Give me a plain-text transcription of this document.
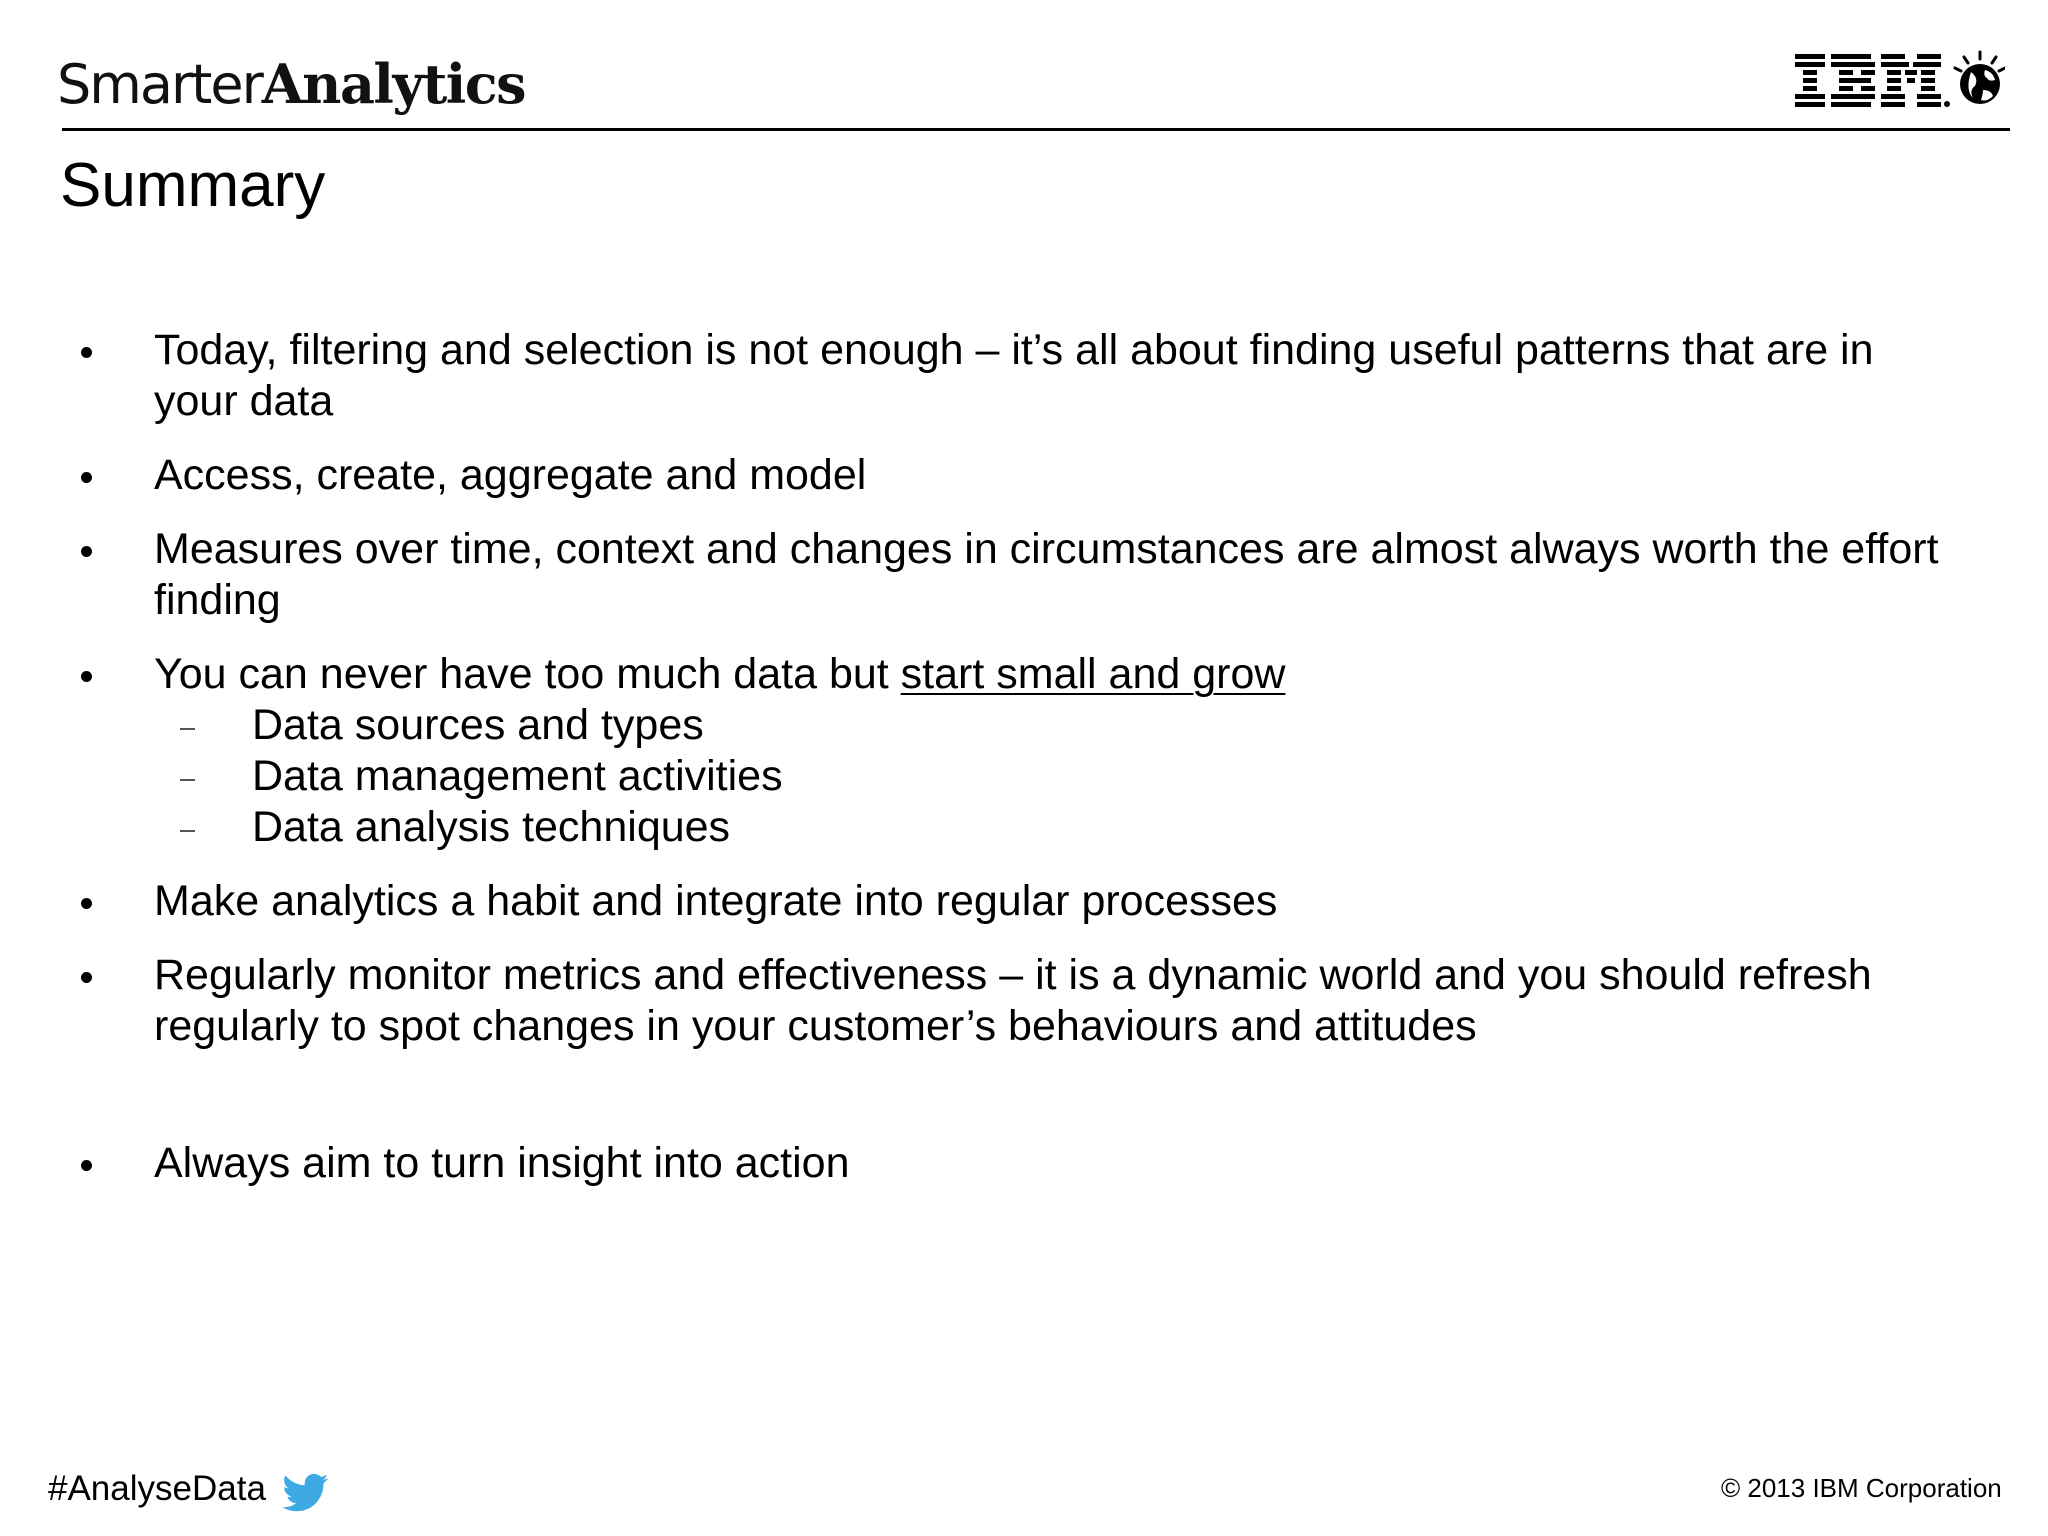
SmarterAnalytics
Summary
Today, filtering and selection is not enough – it’s all about finding useful patterns that are in your data
Access, create, aggregate and model
Measures over time, context and changes in circumstances are almost always worth the effort finding
You can never have too much data but start small and grow
Data sources and types
Data management activities
Data analysis techniques
Make analytics a habit and integrate into regular processes
Regularly monitor metrics and effectiveness – it is a dynamic world and you should refresh regularly to spot changes in your customer’s behaviours and attitudes
Always aim to turn insight into action
#AnalyseData	© 2013 IBM Corporation
